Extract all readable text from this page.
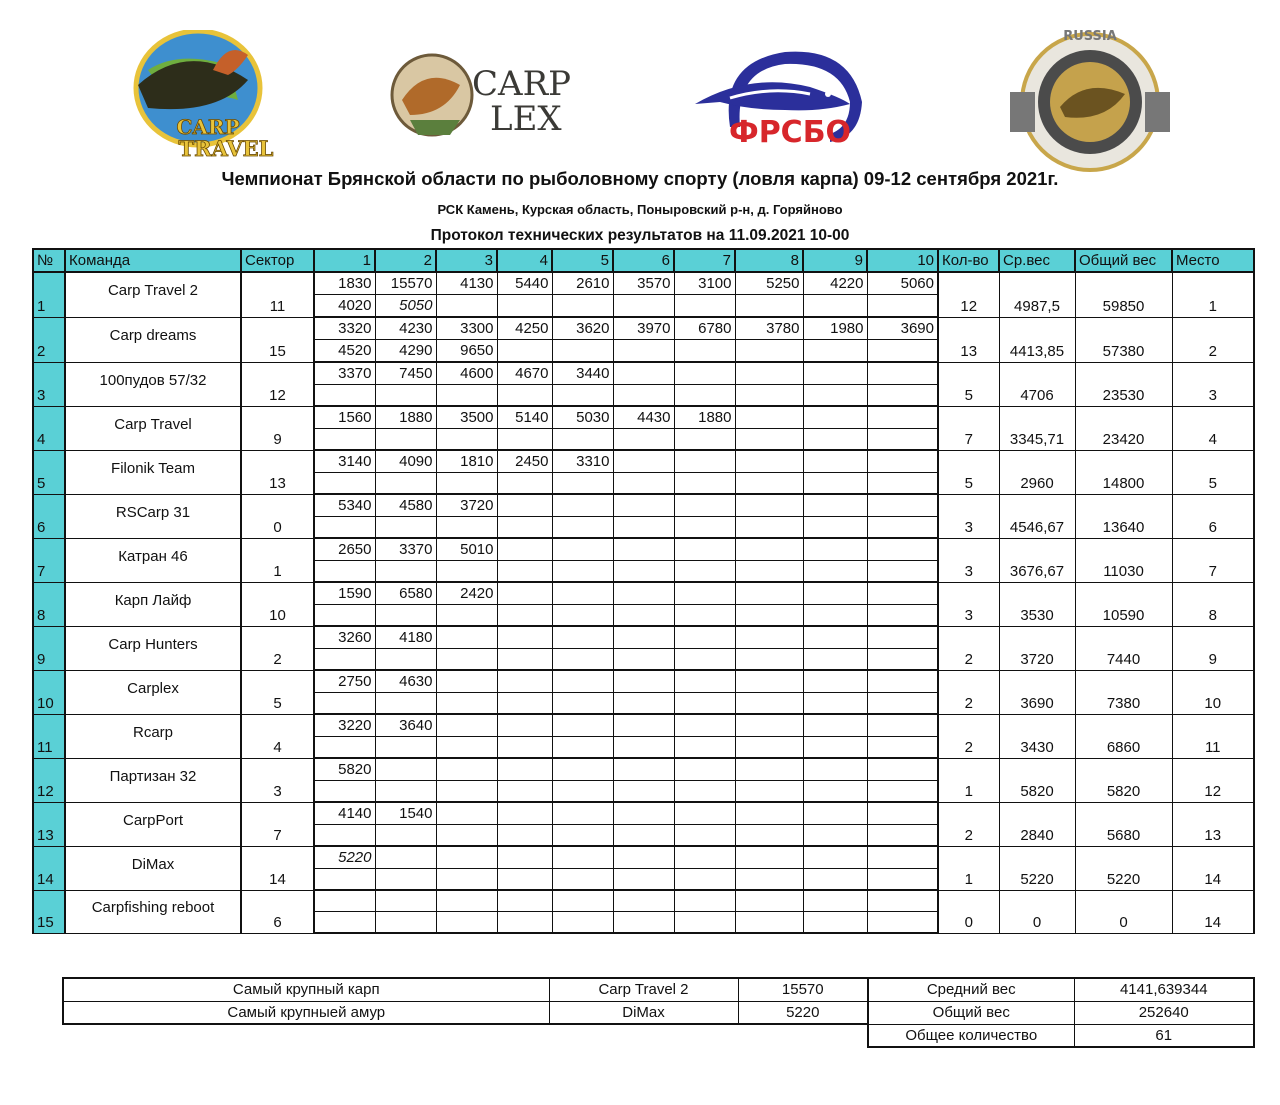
CARP
TRAVEL
CARP
LEX	ФРСБО
RUSSIA
Чемпионат Брянской области по рыболовному спорту (ловля карпа) 09-12 сентября 2021г.
РСК Камень, Курская область, Поныровский р-н, д. Горяйново
Протокол технических результатов на 11.09.2021 10-00
№	Команда	Сектор	1	2	3	4	5	6	7	8	9	10	Кол-во	Ср.вес	Общий вес	Место
1	Carp Travel 2	11	1830	15570	4130	5440	2610	3570	3100	5250	4220	5060	12	4987,5	59850	1
			4020	5050												
2	Carp dreams	15	3320	4230	3300	4250	3620	3970	6780	3780	1980	3690	13	4413,85	57380	2
			4520	4290	9650											
3	100пудов 57/32	12	3370	7450	4600	4670	3440						5	4706	23530	3

4	Carp Travel	9	1560	1880	3500	5140	5030	4430	1880				7	3345,71	23420	4

5	Filonik Team	13	3140	4090	1810	2450	3310						5	2960	14800	5

6	RSCarp 31	0	5340	4580	3720								3	4546,67	13640	6

7	Катран 46	1	2650	3370	5010								3	3676,67	11030	7

8	Карп Лайф	10	1590	6580	2420								3	3530	10590	8

9	Carp Hunters	2	3260	4180									2	3720	7440	9

10	Carplex	5	2750	4630									2	3690	7380	10

11	Rcarp	4	3220	3640									2	3430	6860	11

12	Партизан 32	3	5820										1	5820	5820	12

13	CarpPort	7	4140	1540									2	2840	5680	13

14	DiMax	14	5220										1	5220	5220	14

15	Carpfishing reboot	6											0	0	0	14

Самый крупный карп	Carp Travel 2	15570	Средний вес	4141,639344
Самый крупныей амур	DiMax	5220	Общий вес	252640
			Общее количество	61
